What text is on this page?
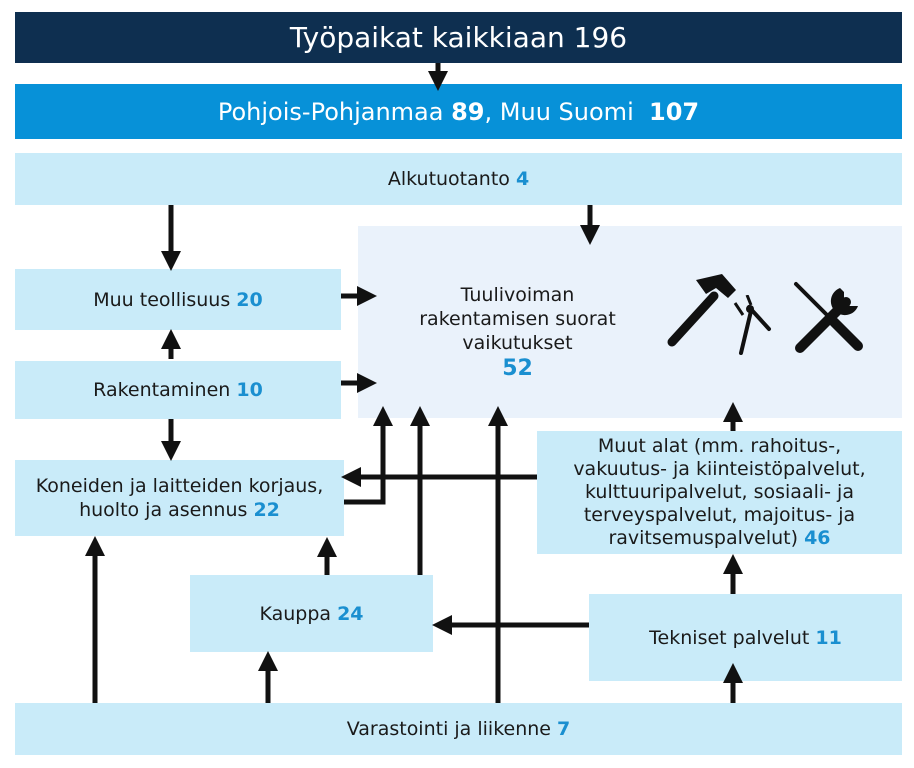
Työpaikat kaikkiaan
196
Pohjois-Pohjanmaa
89 ,
Muu Suomi
107
Tuulivoiman
rakentamisen suorat
vaikutukset
52
Alkutuotanto
4
Muu teollisuus
20
Rakentaminen
10
Koneiden ja laitteiden korjaus,
huolto ja asennus 22
Kauppa
24
Muut alat (mm. rahoitus-,
vakuutus- ja kiinteistöpalvelut,
kulttuuripalvelut, sosiaali- ja
terveyspalvelut, majoitus- ja
ravitsemuspalvelut) 46
Tekniset palvelut
11
Varastointi ja liikenne
7
